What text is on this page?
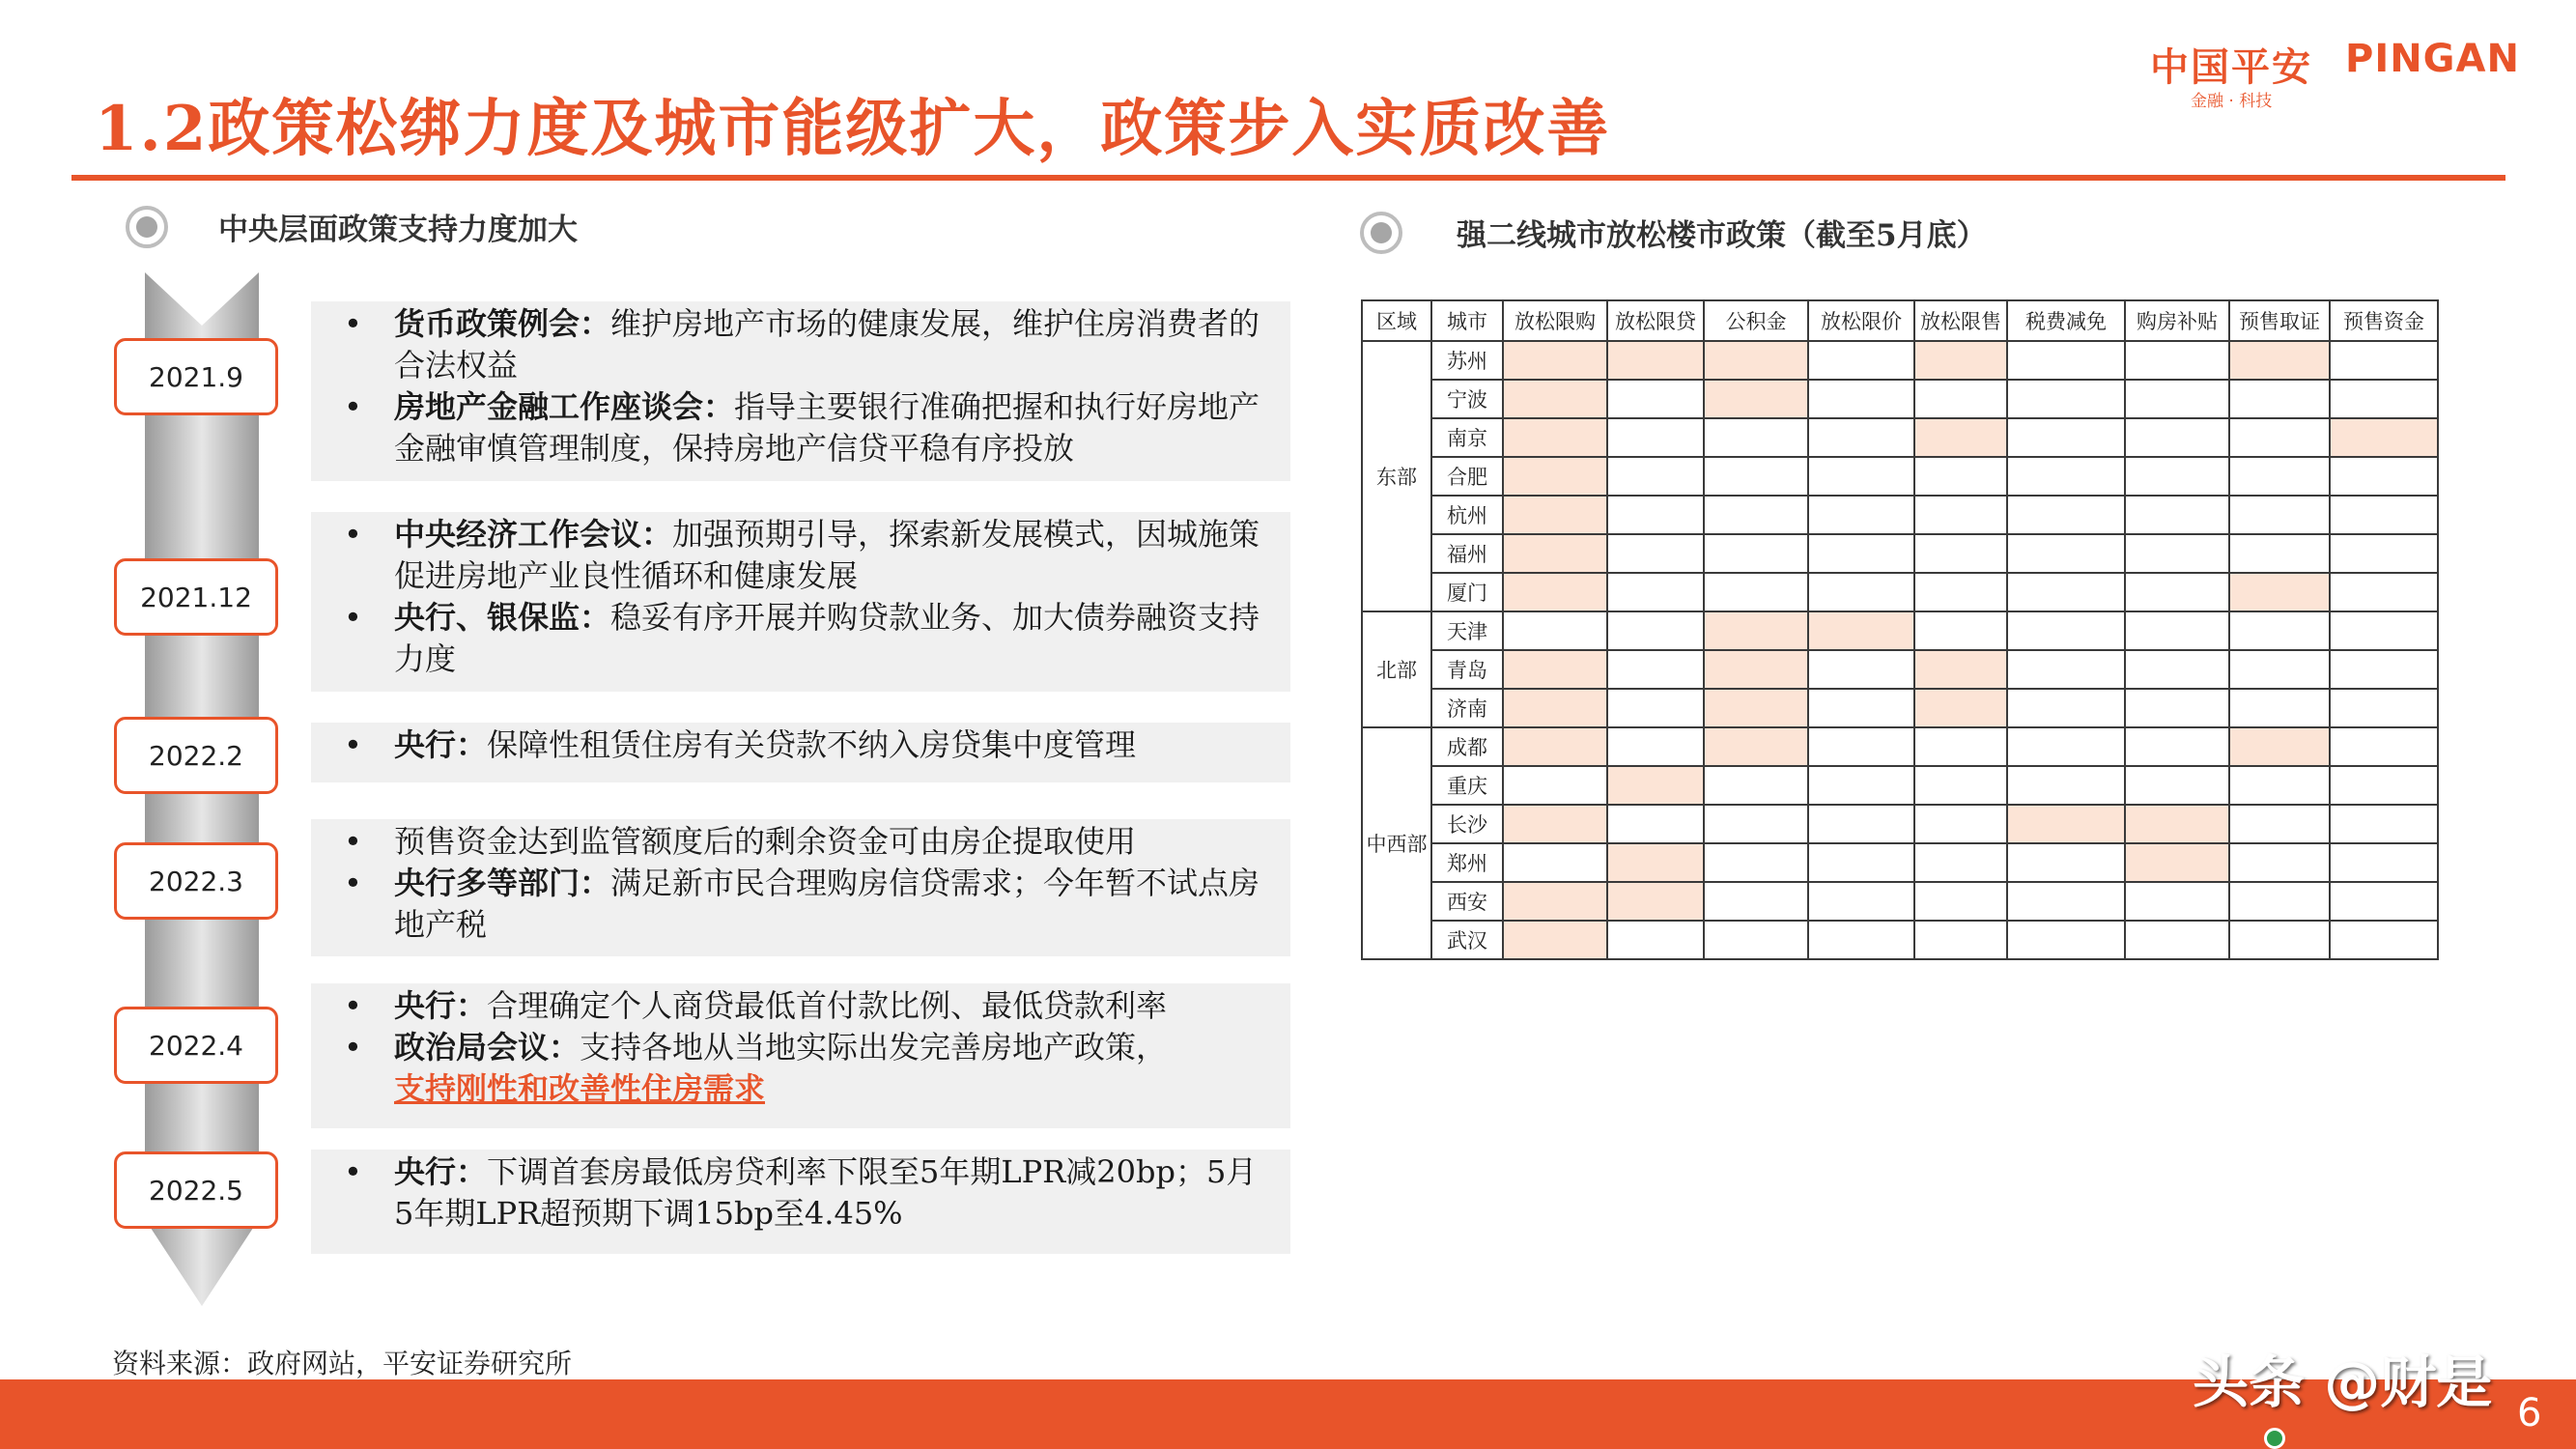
1.2政策松绑力度及城市能级扩大，政策步入实质改善
中国平安 PINGAN
金融 · 科技
中央层面政策支持力度加大	强二线城市放松楼市政策（截至5月底）
2021.9
• 货币政策例会：维护房地产市场的健康发展，维护住房消费者的合法权益
• 房地产金融工作座谈会：指导主要银行准确把握和执行好房地产金融审慎管理制度，保持房地产信贷平稳有序投放
2021.12
• 中央经济工作会议：加强预期引导，探索新发展模式，因城施策促进房地产业良性循环和健康发展
• 央行、银保监：稳妥有序开展并购贷款业务、加大债券融资支持力度
2022.2	• 央行：保障性租赁住房有关贷款不纳入房贷集中度管理
2022.3
• 预售资金达到监管额度后的剩余资金可由房企提取使用
• 央行多等部门：满足新市民合理购房信贷需求；今年暂不试点房地产税
2022.4
• 央行：合理确定个人商贷最低首付款比例、最低贷款利率
• 政治局会议：支持各地从当地实际出发完善房地产政策，
支持刚性和改善性住房需求
2022.5	• 央行：下调首套房最低房贷利率下限至5年期LPR减20bp；5月5年期LPR超预期下调15bp至4.45%
区域	城市	放松限购	放松限贷	公积金	放松限价	放松限售	税费减免	购房补贴	预售取证	预售资金
东部	苏州									
	宁波									
	南京									
	合肥									
	杭州									
	福州									
	厦门									
北部	天津									
	青岛									
	济南									
中西部	成都									
	重庆									
	长沙									
	郑州									
	西安									
	武汉									
资料来源：政府网站，平安证券研究所	头条 @财是 6
